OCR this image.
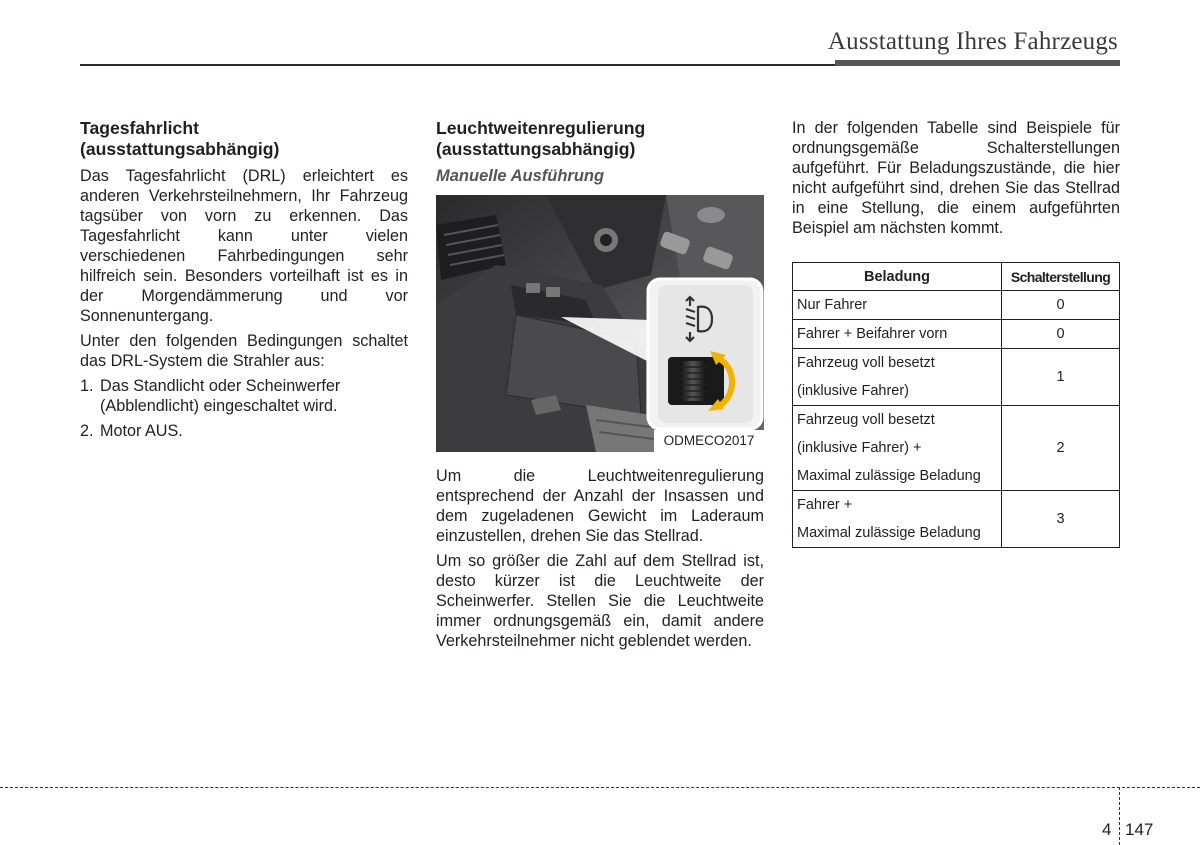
Ausstattung Ihres Fahrzeugs
Tagesfahrlicht
(ausstattungsabhängig)

Das Tagesfahrlicht (DRL) erleichtert es anderen Verkehrsteilnehmern, Ihr Fahrzeug tagsüber von vorn zu erkennen. Das Tagesfahrlicht kann unter vielen verschiedenen Fahrbedingungen sehr hilfreich sein. Besonders vorteilhaft ist es in der Morgendämmerung und vor Sonnenuntergang.

Unter den folgenden Bedingungen schaltet das DRL-System die Strahler aus:

1. Das Standlicht oder Scheinwerfer (Abblendlicht) eingeschaltet wird.
2. Motor AUS.
Leuchtweitenregulierung
(ausstattungsabhängig)
Manuelle Ausführung
ODMECO2017

Um die Leuchtweitenregulierung entsprechend der Anzahl der Insassen und dem zugeladenen Gewicht im Laderaum einzustellen, drehen Sie das Stellrad.

Um so größer die Zahl auf dem Stellrad ist, desto kürzer ist die Leuchtweite der Scheinwerfer. Stellen Sie die Leuchtweite immer ordnungsgemäß ein, damit andere Verkehrsteilnehmer nicht geblendet werden.

In der folgenden Tabelle sind Beispiele für ordnungsgemäße Schalterstellungen aufgeführt. Für Beladungszustände, die hier nicht aufgeführt sind, drehen Sie das Stellrad in eine Stellung, die einem aufgeführten Beispiel am nächsten kommt.

Beladung	Schalterstellung
Nur Fahrer	0
Fahrer + Beifahrer vorn	0
Fahrzeug voll besetzt
(inklusive Fahrer)	1
Fahrzeug voll besetzt
(inklusive Fahrer) +
Maximal zulässige Beladung	2
Fahrer +
Maximal zulässige Beladung	3
4 147
